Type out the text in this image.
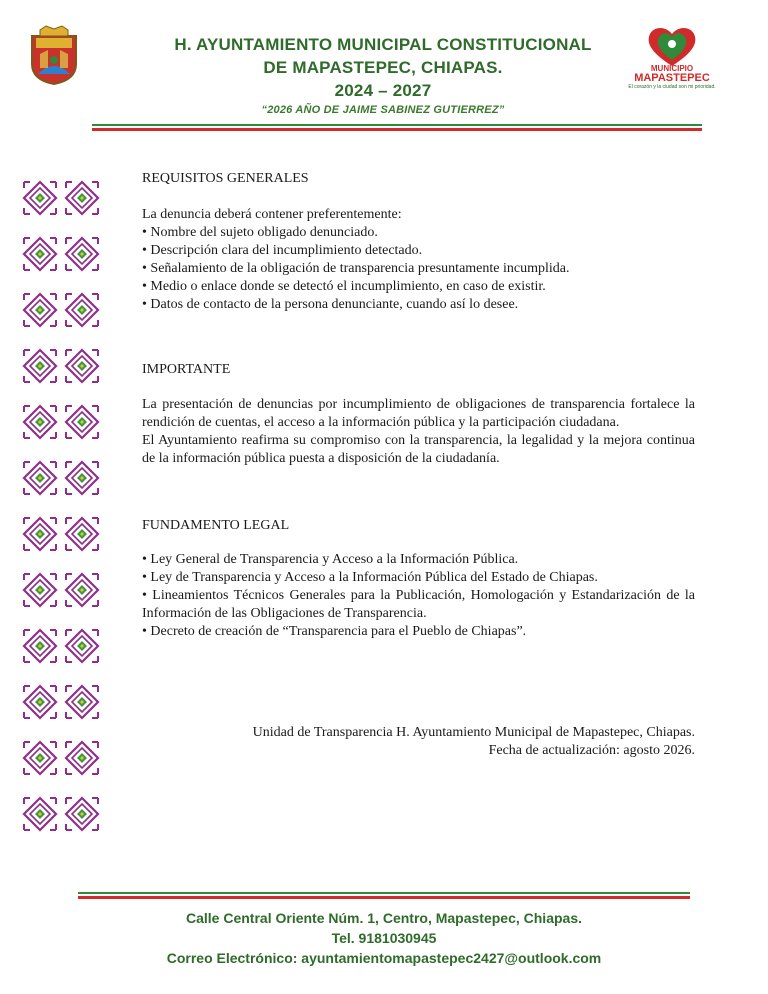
H. AYUNTAMIENTO MUNICIPAL CONSTITUCIONAL
DE MAPASTEPEC, CHIAPAS.
2024 – 2027
“2026 AÑO DE JAIME SABINEZ GUTIERREZ”
MUNICIPIO
MAPASTEPEC
El corazón y la ciudad son mi prioridad.
REQUISITOS GENERALES
La denuncia deberá contener preferentemente:
• Nombre del sujeto obligado denunciado.
• Descripción clara del incumplimiento detectado.
• Señalamiento de la obligación de transparencia presuntamente incumplida.
• Medio o enlace donde se detectó el incumplimiento, en caso de existir.
• Datos de contacto de la persona denunciante, cuando así lo desee.
IMPORTANTE
La presentación de denuncias por incumplimiento de obligaciones de transparencia fortalece la rendición de cuentas, el acceso a la información pública y la participación ciudadana.
El Ayuntamiento reafirma su compromiso con la transparencia, la legalidad y la mejora continua de la información pública puesta a disposición de la ciudadanía.
FUNDAMENTO LEGAL
• Ley General de Transparencia y Acceso a la Información Pública.
• Ley de Transparencia y Acceso a la Información Pública del Estado de Chiapas.
• Lineamientos Técnicos Generales para la Publicación, Homologación y Estandarización de la Información de las Obligaciones de Transparencia.
• Decreto de creación de “Transparencia para el Pueblo de Chiapas”.
Unidad de Transparencia H. Ayuntamiento Municipal de Mapastepec, Chiapas.
Fecha de actualización: agosto 2026.
Calle Central Oriente Núm. 1, Centro, Mapastepec, Chiapas.
Tel. 9181030945
Correo Electrónico: ayuntamientomapastepec2427@outlook.com
